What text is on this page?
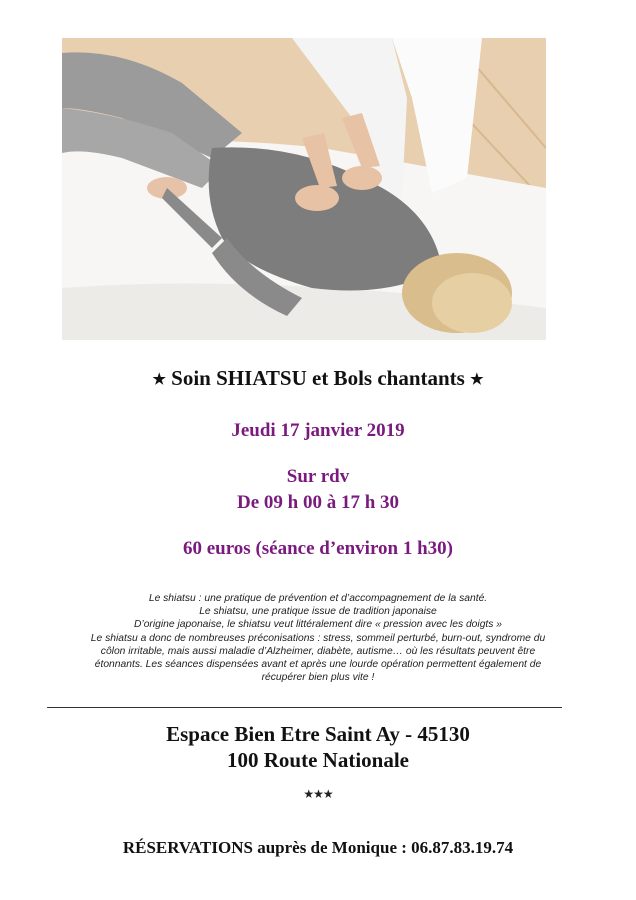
★ Soin SHIATSU et Bols chantants ★
Jeudi 17 janvier 2019
Sur rdv
De 09 h 00 à 17 h 30
60 euros (séance d’environ 1 h30)
Le shiatsu : une pratique de prévention et d’accompagnement de la santé.
Le shiatsu, une pratique issue de tradition japonaise
D’origine japonaise, le shiatsu veut littéralement dire « pression avec les doigts »
Le shiatsu a donc de nombreuses préconisations : stress, sommeil perturbé, burn-out, syndrome du
côlon irritable, mais aussi maladie d’Alzheimer, diabète, autisme… où les résultats peuvent être
étonnants. Les séances dispensées avant et après une lourde opération permettent également de
récupérer bien plus vite !
Espace Bien Etre Saint Ay - 45130
100 Route Nationale
★★★
RÉSERVATIONS auprès de Monique : 06.87.83.19.74
